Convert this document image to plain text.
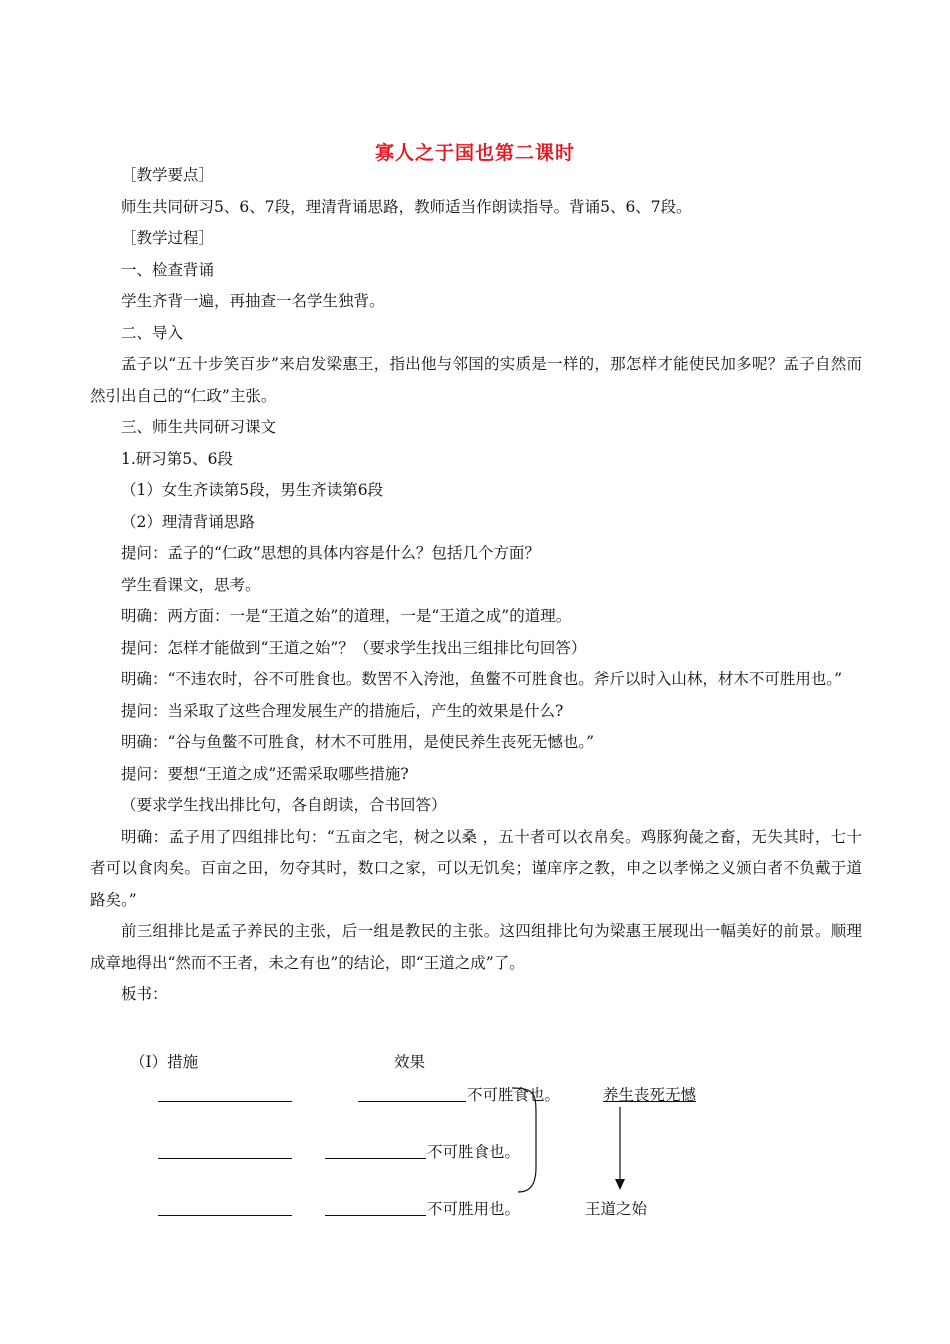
寡人之于国也第二课时

［教学要点］

师生共同研习5、6、7段，理清背诵思路，教师适当作朗读指导。背诵5、6、7段。

［教学过程］

一、检查背诵

学生齐背一遍，再抽查一名学生独背。

二、导入

孟子以“五十步笑百步”来启发梁惠王，指出他与邻国的实质是一样的，那怎样才能使民加多呢？孟子自然而然引出自己的“仁政”主张。

三、师生共同研习课文

1.研习第5、6段

（1）女生齐读第5段，男生齐读第6段

（2）理清背诵思路

提问：孟子的“仁政”思想的具体内容是什么？包括几个方面？

学生看课文，思考。

明确：两方面：一是“王道之始”的道理，一是“王道之成”的道理。

提问：怎样才能做到“王道之始”？（要求学生找出三组排比句回答）

明确：“不违农时，谷不可胜食也。数罟不入洿池，鱼鳖不可胜食也。斧斤以时入山林，材木不可胜用也。”

提问：当采取了这些合理发展生产的措施后，产生的效果是什么?

明确：“谷与鱼鳖不可胜食，材木不可胜用，是使民养生丧死无憾也。”

提问：要想“王道之成”还需采取哪些措施?

（要求学生找出排比句，各自朗读，合书回答）

明确：孟子用了四组排比句：“五亩之宅，树之以桑 ，五十者可以衣帛矣。鸡豚狗彘之畜，无失其时，七十者可以食肉矣。百亩之田，勿夺其时，数口之家，可以无饥矣；谨庠序之教，申之以孝悌之义颁白者不负戴于道路矣。”

前三组排比是孟子养民的主张，后一组是教民的主张。这四组排比句为梁惠王展现出一幅美好的前景。顺理成章地得出“然而不王者，未之有也”的结论，即“王道之成”了。

板书：

（Ⅰ）措施	效果
不可胜食也。
不可胜食也。
不可胜用也。
养生丧死无憾
王道之始
